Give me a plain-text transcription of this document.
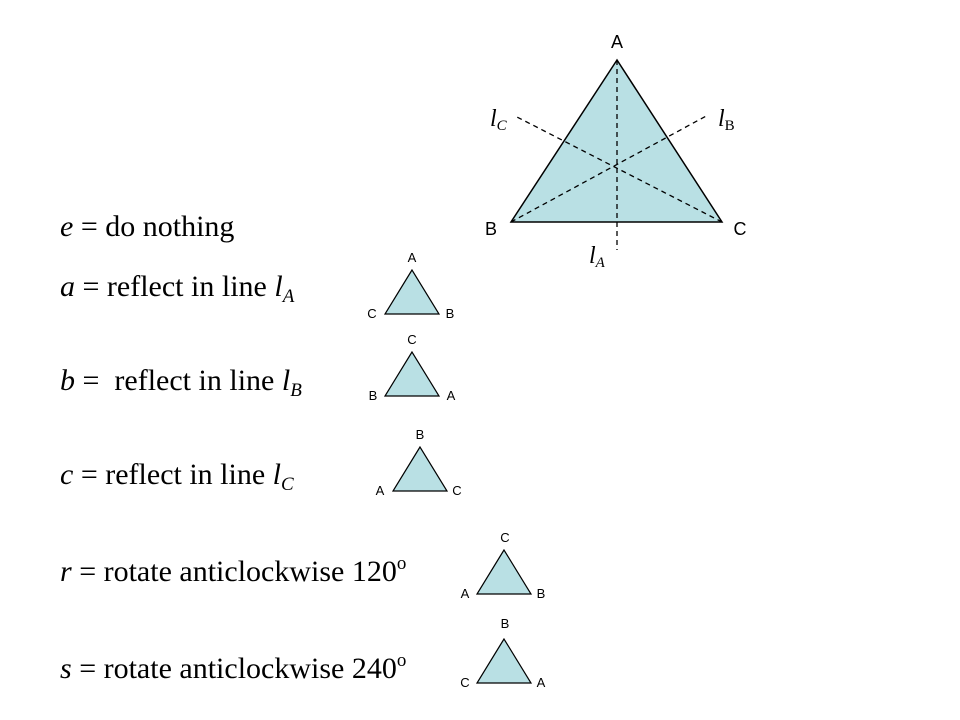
A
B	C
lC	lB
lA
A
C	B
C
B	A
B
A	C
C
A	B
B
C	A
e = do nothing
a = reflect in line $l_A$
b =  reflect in line $l_B$
c = reflect in line $l_C$
r = rotate anticlockwise 120$^o$
s = rotate anticlockwise 240$^o$
